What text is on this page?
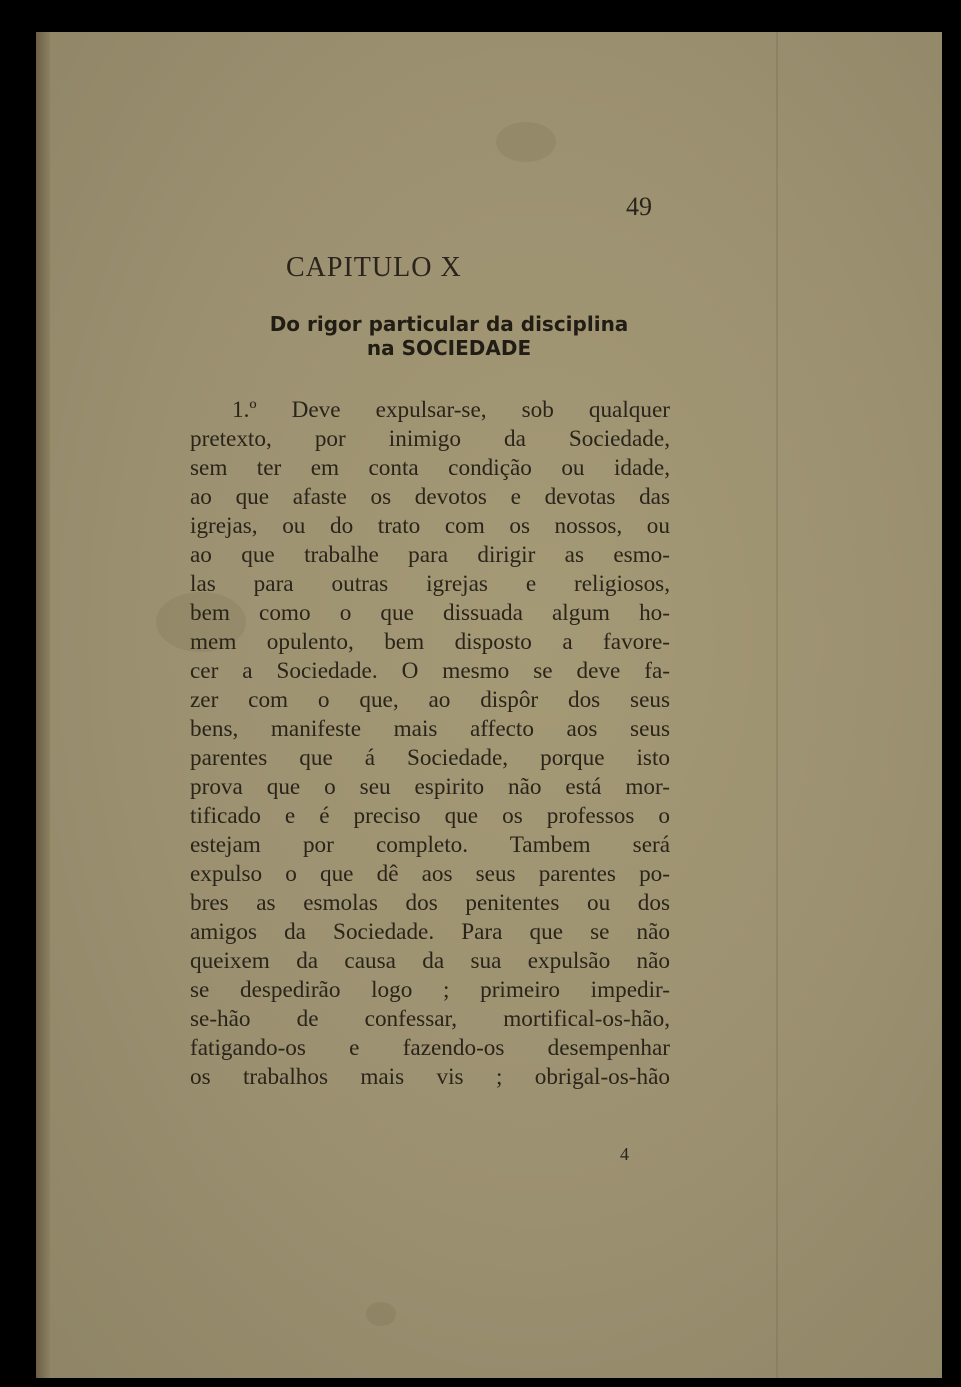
49
CAPITULO X
Do rigor particular da disciplina
na SOCIEDADE
1.º Deve expulsar-se, sob qualquer
pretexto, por inimigo da Sociedade,
sem ter em conta condição ou idade,
ao que afaste os devotos e devotas das
igrejas, ou do trato com os nossos, ou
ao que trabalhe para dirigir as esmo-
las para outras igrejas e religiosos,
bem como o que dissuada algum ho-
mem opulento, bem disposto a favore-
cer a Sociedade. O mesmo se deve fa-
zer com o que, ao dispôr dos seus
bens, manifeste mais affecto aos seus
parentes que á Sociedade, porque isto
prova que o seu espirito não está mor-
tificado e é preciso que os professos o
estejam por completo. Tambem será
expulso o que dê aos seus parentes po-
bres as esmolas dos penitentes ou dos
amigos da Sociedade. Para que se não
queixem da causa da sua expulsão não
se despedirão logo ; primeiro impedir-
se-hão de confessar, mortifical-os-hão,
fatigando-os e fazendo-os desempenhar
os trabalhos mais vis ; obrigal-os-hão
4
